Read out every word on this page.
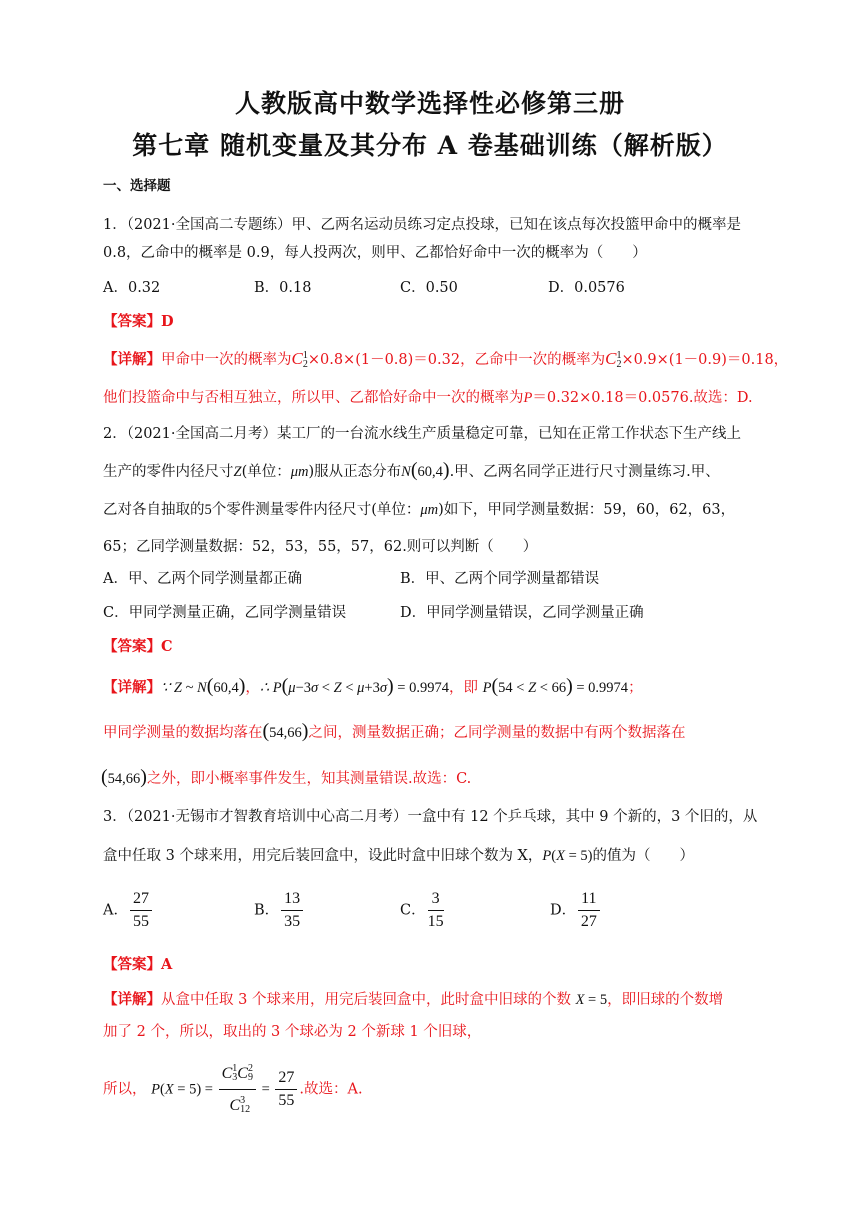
人教版高中数学选择性必修第三册
第七章 随机变量及其分布 A 卷基础训练（解析版）
一、选择题
1．（2021·全国高二专题练）甲、乙两名运动员练习定点投球，已知在该点每次投篮甲命中的概率是
0.8，乙命中的概率是 0.9，每人投两次，则甲、乙都恰好命中一次的概率为（　　）
A．0.32	B．0.18	C．0.50	D．0.0576
【答案】D
【详解】甲命中一次的概率为C1
2×0.8×(1－0.8)＝0.32，乙命中一次的概率为C1
2×0.9×(1－0.9)＝0.18，
他们投篮命中与否相互独立，所以甲、乙都恰好命中一次的概率为P＝0.32×0.18＝0.0576.故选：D.
2．（2021·全国高二月考）某工厂的一台流水线生产质量稳定可靠，已知在正常工作状态下生产线上
生产的零件内径尺寸Z(单位：μm)服从正态分布N(60,4).甲、乙两名同学正进行尺寸测量练习.甲、
乙对各自抽取的5个零件测量零件内径尺寸(单位：μm)如下，甲同学测量数据：59，60，62，63，
65；乙同学测量数据：52，53，55，57，62.则可以判断（　　）
A．甲、乙两个同学测量都正确	B．甲、乙两个同学测量都错误
C．甲同学测量正确，乙同学测量错误	D．甲同学测量错误，乙同学测量正确
【答案】C
【详解】∵ Z ~ N(60,4)，∴ P(μ−3σ < Z < μ+3σ) = 0.9974，即 P(54 < Z < 66) = 0.9974；
甲同学测量的数据均落在(54,66)之间，测量数据正确；乙同学测量的数据中有两个数据落在
(54,66)之外，即小概率事件发生，知其测量错误.故选：C.
3．（2021·无锡市才智教育培训中心高二月考）一盒中有 12 个乒乓球，其中 9 个新的，3 个旧的，从
盒中任取 3 个球来用，用完后装回盒中，设此时盒中旧球个数为 X，P(X = 5)的值为（　　）
A． $\frac{27}{55}$	B． $\frac{13}{35}$	C． $\frac{3}{15}$	D． $\frac{11}{27}$
【答案】A
【详解】从盒中任取 3 个球来用，用完后装回盒中，此时盒中旧球的个数 X = 5，即旧球的个数增
加了 2 个，所以，取出的 3 个球必为 2 个新球 1 个旧球，
所以， $P(X = 5) = \frac{C_3^1C_9^2}{C_{12}^3} = \frac{27}{55}$ .故选：A.
